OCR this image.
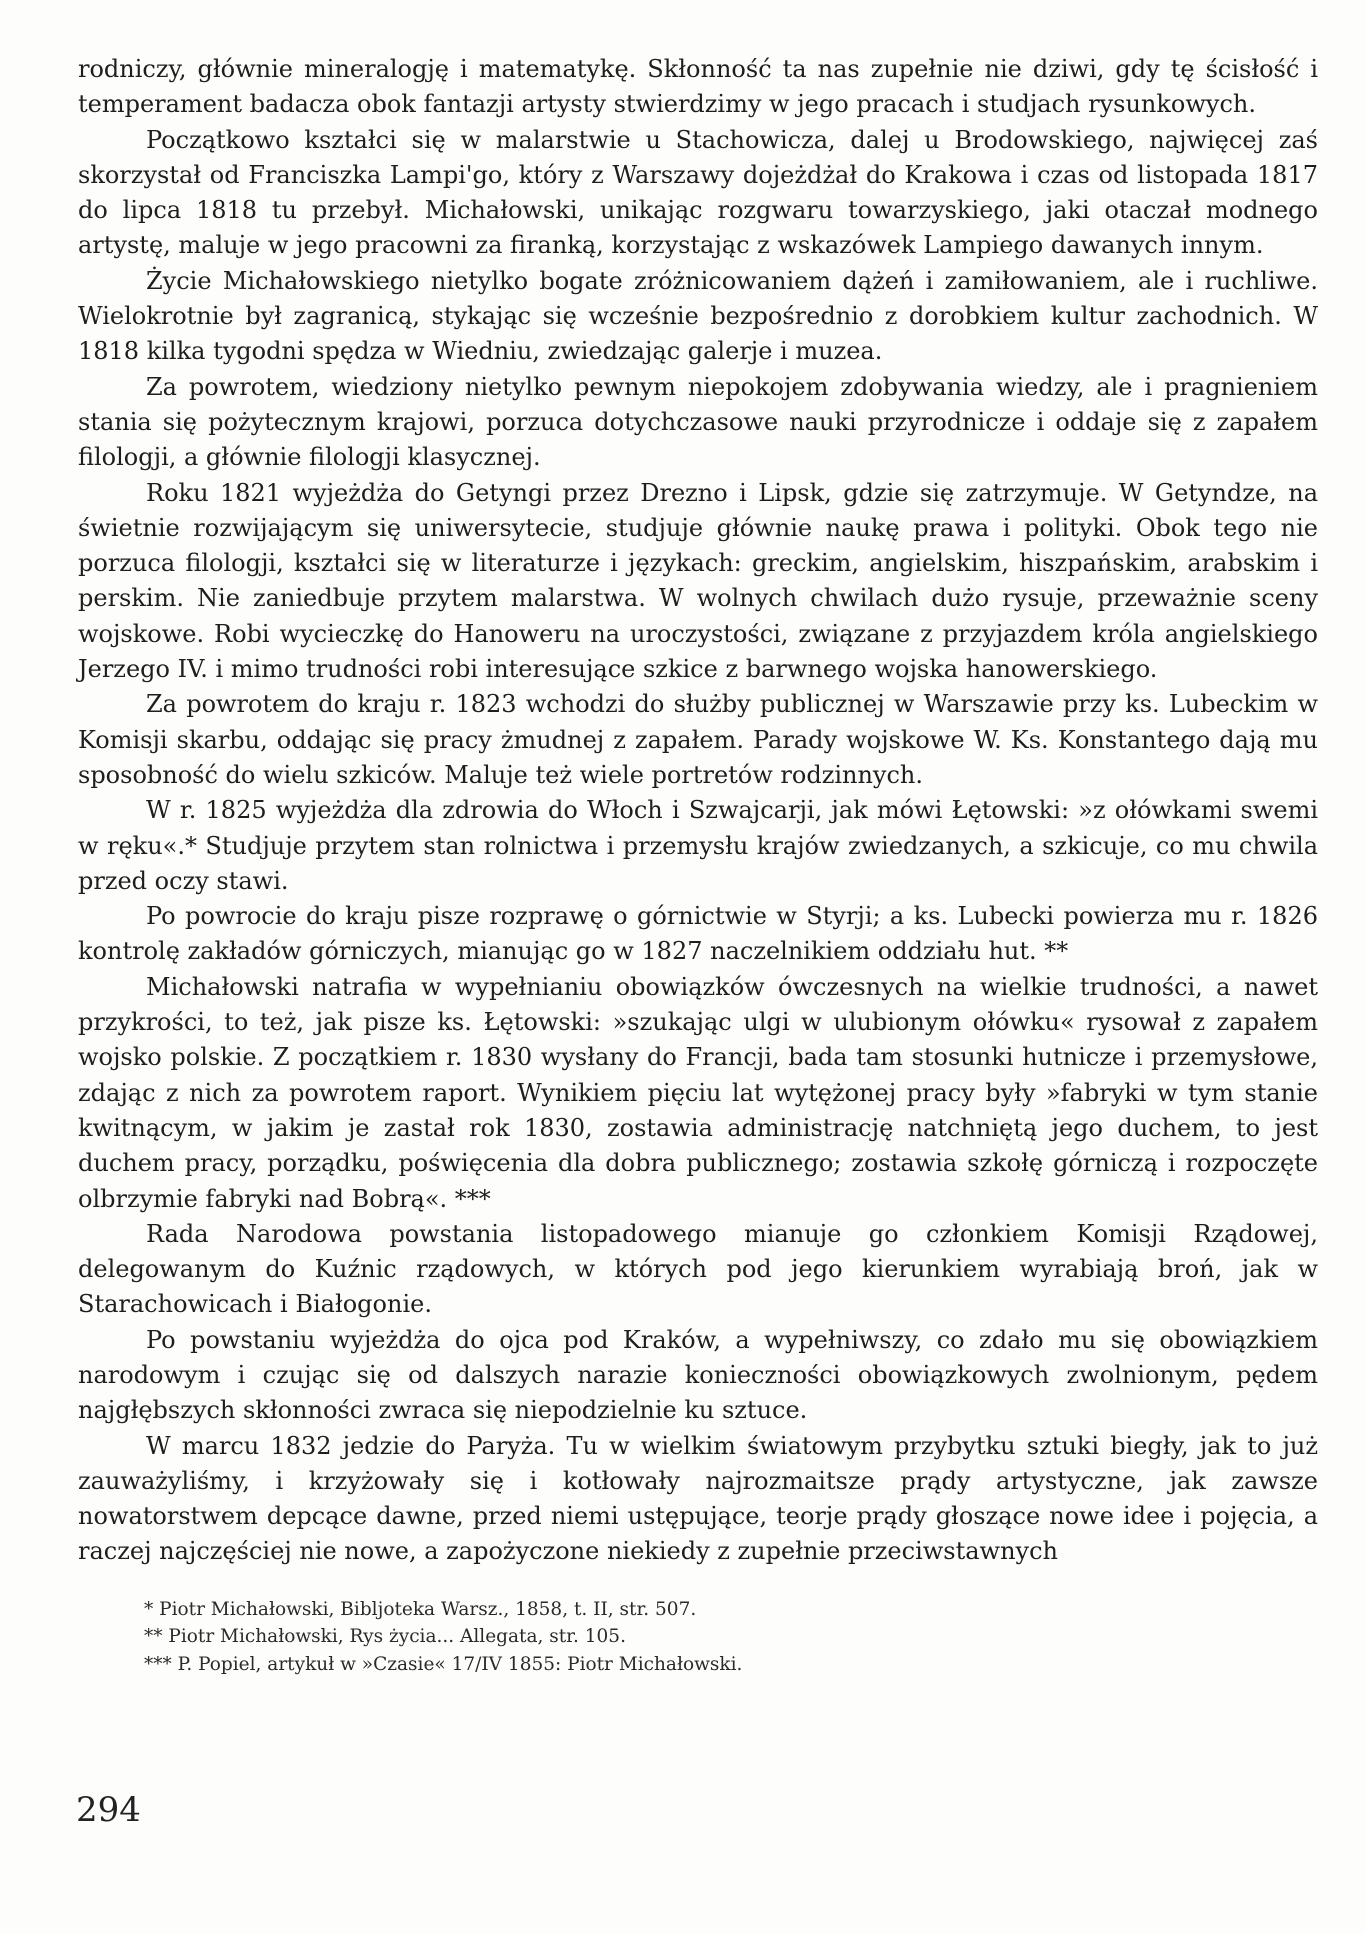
rodniczy, głównie mineralogję i matematykę. Skłonność ta nas zupełnie nie dziwi, gdy tę ścisłość i temperament badacza obok fantazji artysty stwierdzimy w jego pracach i studjach rysunkowych.

Początkowo kształci się w malarstwie u Stachowicza, dalej u Brodowskiego, najwięcej zaś skorzystał od Franciszka Lampi'go, który z Warszawy dojeżdżał do Krakowa i czas od listopada 1817 do lipca 1818 tu przebył. Michałowski, unikając rozgwaru towarzyskiego, jaki otaczał modnego artystę, maluje w jego pracowni za firanką, korzystając z wskazówek Lampiego dawanych innym.

Życie Michałowskiego nietylko bogate zróżnicowaniem dążeń i zamiłowaniem, ale i ruchliwe. Wielokrotnie był zagranicą, stykając się wcześnie bezpośrednio z dorobkiem kultur zachodnich. W 1818 kilka tygodni spędza w Wiedniu, zwiedzając galerje i muzea.

Za powrotem, wiedziony nietylko pewnym niepokojem zdobywania wiedzy, ale i pragnieniem stania się pożytecznym krajowi, porzuca dotychczasowe nauki przyrodnicze i oddaje się z zapałem filologji, a głównie filologji klasycznej.

Roku 1821 wyjeżdża do Getyngi przez Drezno i Lipsk, gdzie się zatrzymuje. W Getyndze, na świetnie rozwijającym się uniwersytecie, studjuje głównie naukę prawa i polityki. Obok tego nie porzuca filologji, kształci się w literaturze i językach: greckim, angielskim, hiszpańskim, arabskim i perskim. Nie zaniedbuje przytem malarstwa. W wolnych chwilach dużo rysuje, przeważnie sceny wojskowe. Robi wycieczkę do Hanoweru na uroczystości, związane z przyjazdem króla angielskiego Jerzego IV. i mimo trudności robi interesujące szkice z barwnego wojska hanowerskiego.

Za powrotem do kraju r. 1823 wchodzi do służby publicznej w Warszawie przy ks. Lubeckim w Komisji skarbu, oddając się pracy żmudnej z zapałem. Parady wojskowe W. Ks. Konstantego dają mu sposobność do wielu szkiców. Maluje też wiele portretów rodzinnych.

W r. 1825 wyjeżdża dla zdrowia do Włoch i Szwajcarji, jak mówi Łętowski: »z ołówkami swemi w ręku«.* Studjuje przytem stan rolnictwa i przemysłu krajów zwiedzanych, a szkicuje, co mu chwila przed oczy stawi.

Po powrocie do kraju pisze rozprawę o górnictwie w Styrji; a ks. Lubecki powierza mu r. 1826 kontrolę zakładów górniczych, mianując go w 1827 naczelnikiem oddziału hut. **

Michałowski natrafia w wypełnianiu obowiązków ówczesnych na wielkie trudności, a nawet przykrości, to też, jak pisze ks. Łętowski: »szukając ulgi w ulubionym ołówku« rysował z zapałem wojsko polskie. Z początkiem r. 1830 wysłany do Francji, bada tam stosunki hutnicze i przemysłowe, zdając z nich za powrotem raport. Wynikiem pięciu lat wytężonej pracy były »fabryki w tym stanie kwitnącym, w jakim je zastał rok 1830, zostawia administrację natchniętą jego duchem, to jest duchem pracy, porządku, poświęcenia dla dobra publicznego; zostawia szkołę górniczą i rozpoczęte olbrzymie fabryki nad Bobrą«. ***

Rada Narodowa powstania listopadowego mianuje go członkiem Komisji Rządowej, delegowanym do Kuźnic rządowych, w których pod jego kierunkiem wyrabiają broń, jak w Starachowicach i Białogonie.

Po powstaniu wyjeżdża do ojca pod Kraków, a wypełniwszy, co zdało mu się obowiązkiem narodowym i czując się od dalszych narazie konieczności obowiązkowych zwolnionym, pędem najgłębszych skłonności zwraca się niepodzielnie ku sztuce.

W marcu 1832 jedzie do Paryża. Tu w wielkim światowym przybytku sztuki biegły, jak to już zauważyliśmy, i krzyżowały się i kotłowały najrozmaitsze prądy artystyczne, jak zawsze nowatorstwem depcące dawne, przed niemi ustępujące, teorje prądy głoszące nowe idee i pojęcia, a raczej najczęściej nie nowe, a zapożyczone niekiedy z zupełnie przeciwstawnych

* Piotr Michałowski, Bibljoteka Warsz., 1858, t. II, str. 507.

** Piotr Michałowski, Rys życia... Allegata, str. 105.

*** P. Popiel, artykuł w »Czasie« 17/IV 1855: Piotr Michałowski.

294
